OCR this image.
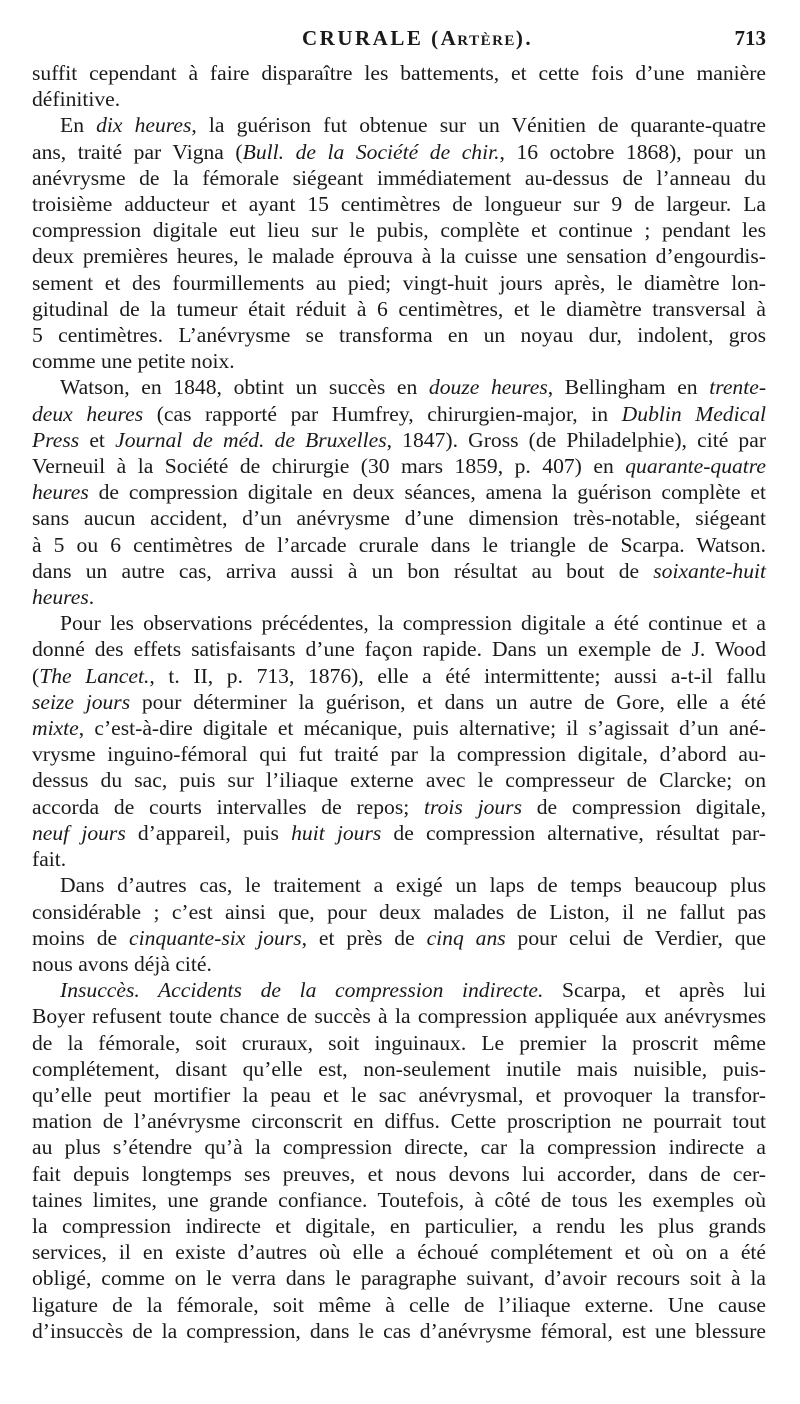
CRURALE (Artère).	713
suffit cependant à faire disparaître les battements, et cette fois d’une manière
définitive.
En dix heures, la guérison fut obtenue sur un Vénitien de quarante-quatre
ans, traité par Vigna (Bull. de la Société de chir., 16 octobre 1868), pour un
anévrysme de la fémorale siégeant immédiatement au-dessus de l’anneau du
troisième adducteur et ayant 15 centimètres de longueur sur 9 de largeur. La
compression digitale eut lieu sur le pubis, complète et continue ; pendant les
deux premières heures, le malade éprouva à la cuisse une sensation d’engourdis-
sement et des fourmillements au pied; vingt-huit jours après, le diamètre lon-
gitudinal de la tumeur était réduit à 6 centimètres, et le diamètre transversal à
5 centimètres. L’anévrysme se transforma en un noyau dur, indolent, gros
comme une petite noix.
Watson, en 1848, obtint un succès en douze heures, Bellingham en trente-
deux heures (cas rapporté par Humfrey, chirurgien-major, in Dublin Medical
Press et Journal de méd. de Bruxelles, 1847). Gross (de Philadelphie), cité par
Verneuil à la Société de chirurgie (30 mars 1859, p. 407) en quarante-quatre
heures de compression digitale en deux séances, amena la guérison complète et
sans aucun accident, d’un anévrysme d’une dimension très-notable, siégeant
à 5 ou 6 centimètres de l’arcade crurale dans le triangle de Scarpa. Watson.
dans un autre cas, arriva aussi à un bon résultat au bout de soixante-huit
heures.
Pour les observations précédentes, la compression digitale a été continue et a
donné des effets satisfaisants d’une façon rapide. Dans un exemple de J. Wood
(The Lancet., t. II, p. 713, 1876), elle a été intermittente; aussi a-t-il fallu
seize jours pour déterminer la guérison, et dans un autre de Gore, elle a été
mixte, c’est-à-dire digitale et mécanique, puis alternative; il s’agissait d’un ané-
vrysme inguino-fémoral qui fut traité par la compression digitale, d’abord au-
dessus du sac, puis sur l’iliaque externe avec le compresseur de Clarcke; on
accorda de courts intervalles de repos; trois jours de compression digitale,
neuf jours d’appareil, puis huit jours de compression alternative, résultat par-
fait.
Dans d’autres cas, le traitement a exigé un laps de temps beaucoup plus
considérable ; c’est ainsi que, pour deux malades de Liston, il ne fallut pas
moins de cinquante-six jours, et près de cinq ans pour celui de Verdier, que
nous avons déjà cité.
Insuccès. Accidents de la compression indirecte. Scarpa, et après lui
Boyer refusent toute chance de succès à la compression appliquée aux anévrysmes
de la fémorale, soit cruraux, soit inguinaux. Le premier la proscrit même
complétement, disant qu’elle est, non-seulement inutile mais nuisible, puis-
qu’elle peut mortifier la peau et le sac anévrysmal, et provoquer la transfor-
mation de l’anévrysme circonscrit en diffus. Cette proscription ne pourrait tout
au plus s’étendre qu’à la compression directe, car la compression indirecte a
fait depuis longtemps ses preuves, et nous devons lui accorder, dans de cer-
taines limites, une grande confiance. Toutefois, à côté de tous les exemples où
la compression indirecte et digitale, en particulier, a rendu les plus grands
services, il en existe d’autres où elle a échoué complétement et où on a été
obligé, comme on le verra dans le paragraphe suivant, d’avoir recours soit à la
ligature de la fémorale, soit même à celle de l’iliaque externe. Une cause
d’insuccès de la compression, dans le cas d’anévrysme fémoral, est une blessure
